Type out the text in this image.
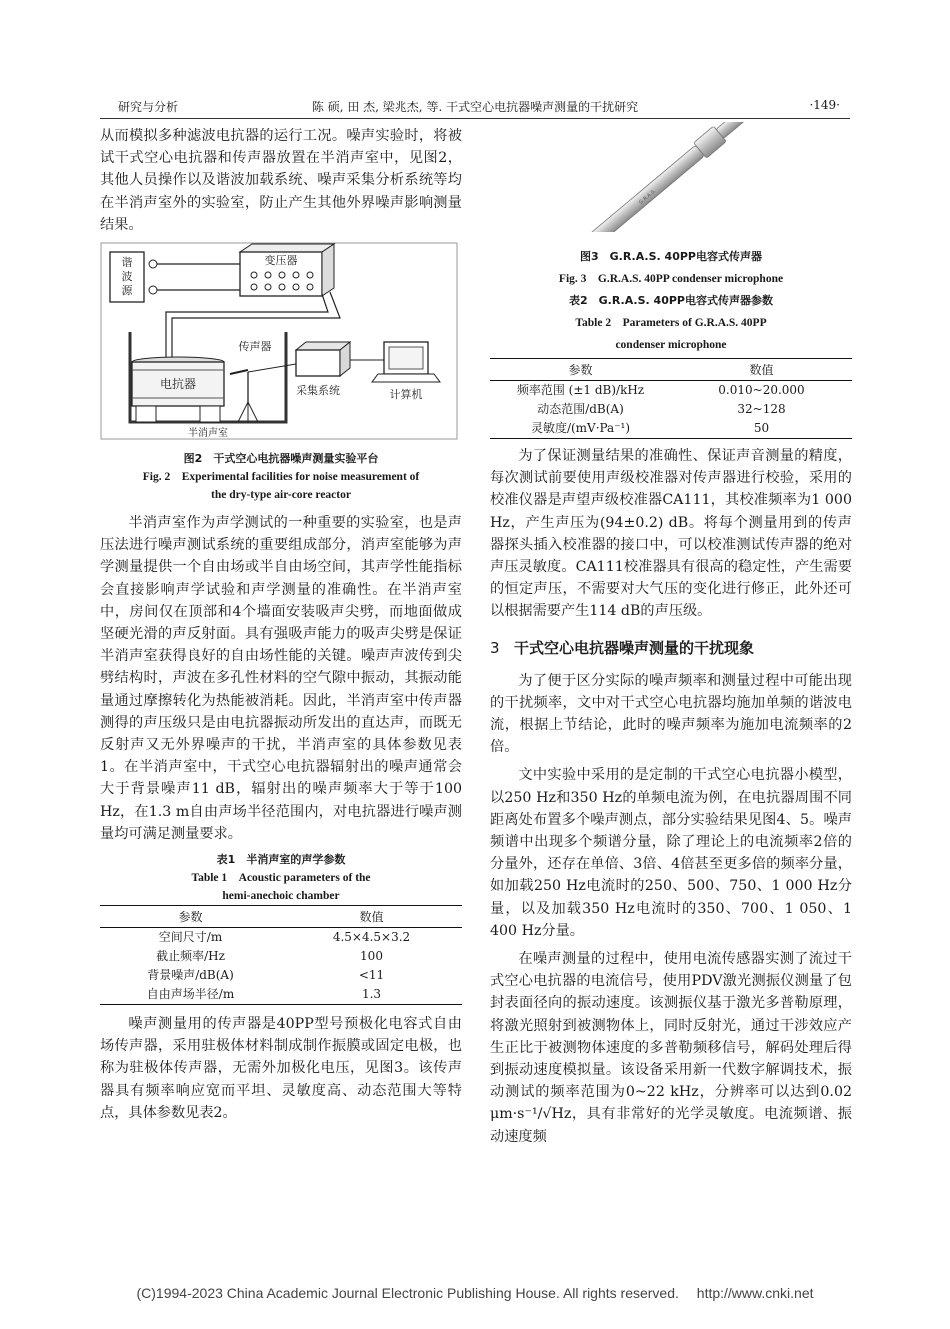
研究与分析	陈 硕, 田 杰, 梁兆杰, 等. 干式空心电抗器噪声测量的干扰研究	·149·

从而模拟多种滤波电抗器的运行工况。噪声实验时，将被试干式空心电抗器和传声器放置在半消声室中，见图2，其他人员操作以及谐波加载系统、噪声采集分析系统等均在半消声室外的实验室，防止产生其他外界噪声影响测量结果。

谐
波
源
变压器
电抗器
传声器
采集系统	计算机
半消声室

图2　干式空心电抗器噪声测量实验平台

Fig. 2　Experimental facilities for noise measurement of

the dry-type air-core reactor

半消声室作为声学测试的一种重要的实验室，也是声压法进行噪声测试系统的重要组成部分，消声室能够为声学测量提供一个自由场或半自由场空间，其声学性能指标会直接影响声学试验和声学测量的准确性。在半消声室中，房间仅在顶部和4个墙面安装吸声尖劈，而地面做成坚硬光滑的声反射面。具有强吸声能力的吸声尖劈是保证半消声室获得良好的自由场性能的关键。噪声声波传到尖劈结构时，声波在多孔性材料的空气隙中振动，其振动能量通过摩擦转化为热能被消耗。因此，半消声室中传声器测得的声压级只是由电抗器振动所发出的直达声，而既无反射声又无外界噪声的干扰，半消声室的具体参数见表1。在半消声室中，干式空心电抗器辐射出的噪声通常会大于背景噪声11 dB，辐射出的噪声频率大于等于100 Hz，在1.3 m自由声场半径范围内，对电抗器进行噪声测量均可满足测量要求。

表1　半消声室的声学参数

Table 1　Acoustic parameters of the

hemi-anechoic chamber

参数	数值
空间尺寸/m	4.5×4.5×3.2
截止频率/Hz	100
背景噪声/dB(A)	<11
自由声场半径/m	1.3

噪声测量用的传声器是40PP型号预极化电容式自由场传声器，采用驻极体材料制成制作振膜或固定电极，也称为驻极体传声器，无需外加极化电压，见图3。该传声器具有频率响应宽而平坦、灵敏度高、动态范围大等特点，具体参数见表2。

G.R.A.S.

图3　G.R.A.S. 40PP电容式传声器

Fig. 3　G.R.A.S. 40PP condenser microphone

表2　G.R.A.S. 40PP电容式传声器参数

Table 2　Parameters of G.R.A.S. 40PP

condenser microphone

参数	数值
频率范围 (±1 dB)/kHz	0.010~20.000
动态范围/dB(A)	32~128
灵敏度/(mV·Pa⁻¹)	50

为了保证测量结果的准确性、保证声音测量的精度，每次测试前要使用声级校准器对传声器进行校验，采用的校准仪器是声望声级校准器CA111，其校准频率为1 000 Hz，产生声压为(94±0.2) dB。将每个测量用到的传声器探头插入校准器的接口中，可以校准测试传声器的绝对声压灵敏度。CA111校准器具有很高的稳定性，产生需要的恒定声压，不需要对大气压的变化进行修正，此外还可以根据需要产生114 dB的声压级。

3 干式空心电抗器噪声测量的干扰现象

为了便于区分实际的噪声频率和测量过程中可能出现的干扰频率，文中对干式空心电抗器均施加单频的谐波电流，根据上节结论，此时的噪声频率为施加电流频率的2倍。

文中实验中采用的是定制的干式空心电抗器小模型，以250 Hz和350 Hz的单频电流为例，在电抗器周围不同距离处布置多个噪声测点，部分实验结果见图4、5。噪声频谱中出现多个频谱分量，除了理论上的电流频率2倍的分量外，还存在单倍、3倍、4倍甚至更多倍的频率分量，如加载250 Hz电流时的250、500、750、1 000 Hz分量，以及加载350 Hz电流时的350、700、1 050、1 400 Hz分量。

在噪声测量的过程中，使用电流传感器实测了流过干式空心电抗器的电流信号，使用PDV激光测振仪测量了包封表面径向的振动速度。该测振仪基于激光多普勒原理，将激光照射到被测物体上，同时反射光，通过干涉效应产生正比于被测物体速度的多普勒频移信号，解码处理后得到振动速度模拟量。该设备采用新一代数字解调技术，振动测试的频率范围为0~22 kHz，分辨率可以达到0.02 μm·s⁻¹/√Hz，具有非常好的光学灵敏度。电流频谱、振动速度频

(C)1994-2023 China Academic Journal Electronic Publishing House. All rights reserved.　 http://www.cnki.net
